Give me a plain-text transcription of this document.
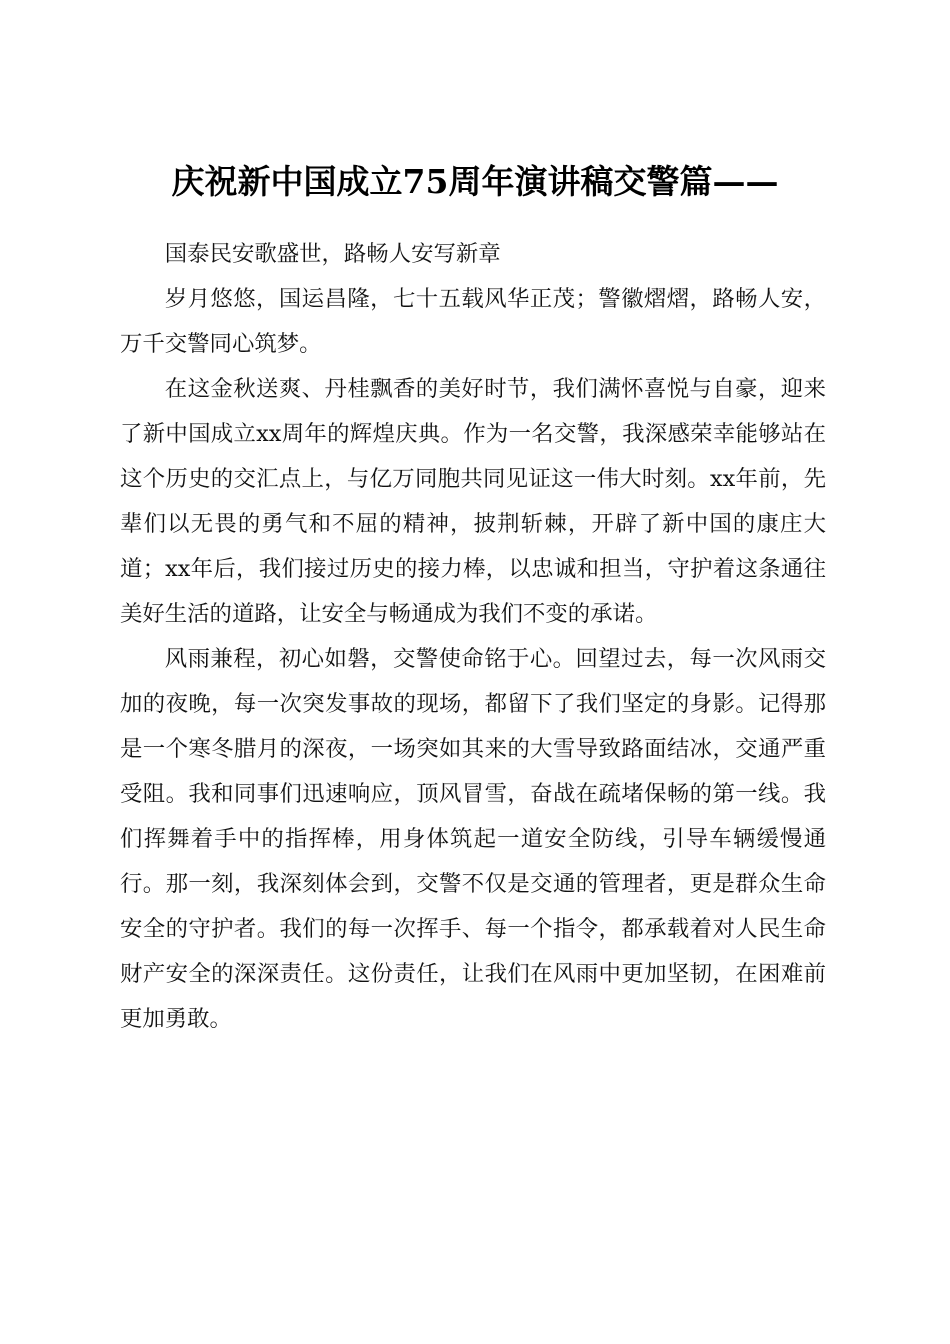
庆祝新中国成立75周年演讲稿交警篇——

国泰民安歌盛世，路畅人安写新章

岁月悠悠，国运昌隆，七十五载风华正茂；警徽熠熠，路畅人安，万千交警同心筑梦。

在这金秋送爽、丹桂飘香的美好时节，我们满怀喜悦与自豪，迎来了新中国成立xx周年的辉煌庆典。作为一名交警，我深感荣幸能够站在这个历史的交汇点上，与亿万同胞共同见证这一伟大时刻。xx年前，先辈们以无畏的勇气和不屈的精神，披荆斩棘，开辟了新中国的康庄大道；xx年后，我们接过历史的接力棒，以忠诚和担当，守护着这条通往美好生活的道路，让安全与畅通成为我们不变的承诺。

风雨兼程，初心如磐，交警使命铭于心。回望过去，每一次风雨交加的夜晚，每一次突发事故的现场，都留下了我们坚定的身影。记得那是一个寒冬腊月的深夜，一场突如其来的大雪导致路面结冰，交通严重受阻。我和同事们迅速响应，顶风冒雪，奋战在疏堵保畅的第一线。我们挥舞着手中的指挥棒，用身体筑起一道安全防线，引导车辆缓慢通行。那一刻，我深刻体会到，交警不仅是交通的管理者，更是群众生命安全的守护者。我们的每一次挥手、每一个指令，都承载着对人民生命财产安全的深深责任。这份责任，让我们在风雨中更加坚韧，在困难前更加勇敢。
